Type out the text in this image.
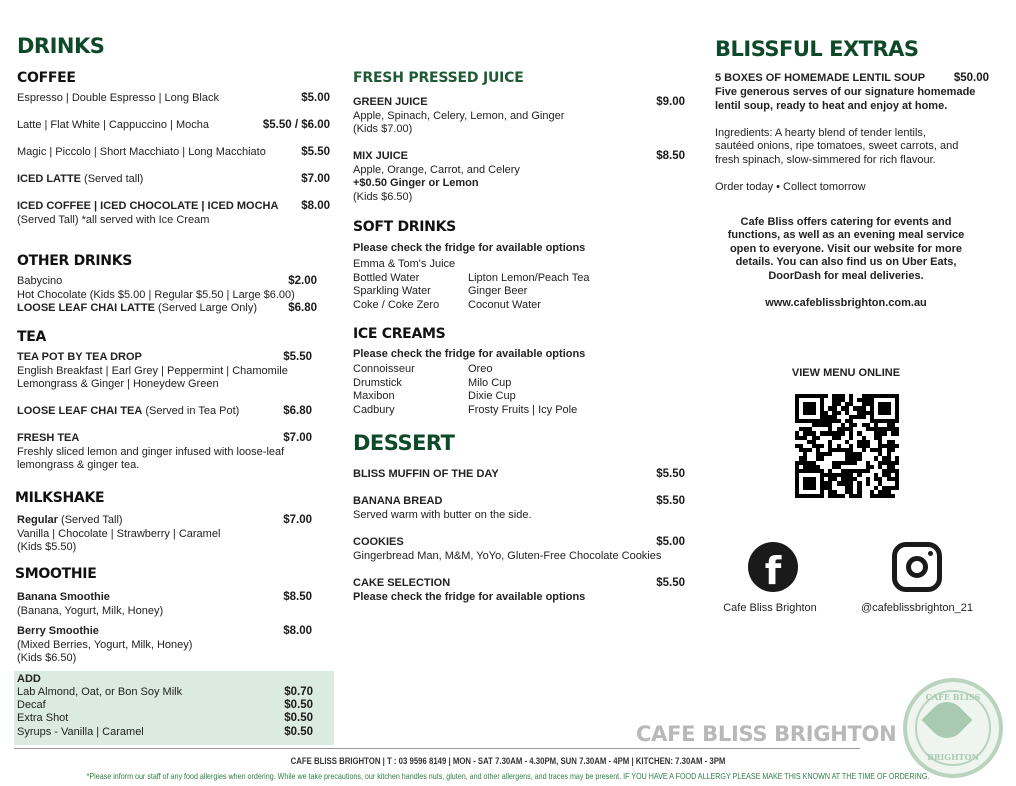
DRINKS
COFFEE
Espresso | Double Espresso | Long Black	$5.00
Latte | Flat White | Cappuccino | Mocha	$5.50 / $6.00
Magic | Piccolo | Short Macchiato | Long Macchiato	$5.50
ICED LATTE (Served tall)	$7.00
ICED COFFEE | ICED CHOCOLATE | ICED MOCHA $8.00
(Served Tall) *all served with Ice Cream
OTHER DRINKS
Babycino	$2.00
Hot Chocolate (Kids $5.00 | Regular $5.50 | Large $6.00)
LOOSE LEAF CHAI LATTE (Served Large Only)	$6.80
TEA
TEA POT BY TEA DROP	$5.50
English Breakfast | Earl Grey | Peppermint | Chamomile
Lemongrass & Ginger | Honeydew Green
LOOSE LEAF CHAI TEA (Served in Tea Pot)	$6.80
FRESH TEA	$7.00
Freshly sliced lemon and ginger infused with loose-leaf
lemongrass & ginger tea.
MILKSHAKE
Regular (Served Tall)	$7.00
Vanilla | Chocolate | Strawberry | Caramel
(Kids $5.50)
SMOOTHIE
Banana Smoothie	$8.50
(Banana, Yogurt, Milk, Honey)
Berry Smoothie	$8.00
(Mixed Berries, Yogurt, Milk, Honey)
(Kids $6.50)
ADD
Lab Almond, Oat, or Bon Soy Milk	$0.70
Decaf	$0.50
Extra Shot	$0.50
Syrups - Vanilla | Caramel	$0.50
FRESH PRESSED JUICE
GREEN JUICE	$9.00
Apple, Spinach, Celery, Lemon, and Ginger
(Kids $7.00)
MIX JUICE	$8.50
Apple, Orange, Carrot, and Celery
+$0.50 Ginger or Lemon
(Kids $6.50)
SOFT DRINKS
Please check the fridge for available options
Emma & Tom's Juice
Bottled Water	Lipton Lemon/Peach Tea
Sparkling Water	Ginger Beer
Coke / Coke Zero	Coconut Water
ICE CREAMS
Please check the fridge for available options
Connoisseur	Oreo
Drumstick	Milo Cup
Maxibon	Dixie Cup
Cadbury	Frosty Fruits | Icy Pole
DESSERT
BLISS MUFFIN OF THE DAY	$5.50
BANANA BREAD	$5.50
Served warm with butter on the side.
COOKIES	$5.00
Gingerbread Man, M&M, YoYo, Gluten-Free Chocolate Cookies
CAKE SELECTION	$5.50
Please check the fridge for available options
BLISSFUL EXTRAS
5 BOXES OF HOMEMADE LENTIL SOUP	$50.00
Five generous serves of our signature homemade
lentil soup, ready to heat and enjoy at home.
Ingredients: A hearty blend of tender lentils,
sautéed onions, ripe tomatoes, sweet carrots, and
fresh spinach, slow-simmered for rich flavour.
Order today • Collect tomorrow
Cafe Bliss offers catering for events and
functions, as well as an evening meal service
open to everyone. Visit our website for more
details. You can also find us on Uber Eats,
DoorDash for meal deliveries.
www.cafeblissbrighton.com.au
VIEW MENU ONLINE
f
Cafe Bliss Brighton	@cafeblissbrighton_21
CAFE BLISS BRIGHTON
CAFE BLISS
BRIGHTON
CAFE BLISS BRIGHTON | T : 03 9596 8149 | MON - SAT 7.30AM - 4.30PM, SUN 7.30AM - 4PM | KITCHEN: 7.30AM - 3PM
*Please inform our staff of any food allergies when ordering. While we take precautions, our kitchen handles nuts, gluten, and other allergens, and traces may be present. IF YOU HAVE A FOOD ALLERGY PLEASE MAKE THIS KNOWN AT THE TIME OF ORDERING.
